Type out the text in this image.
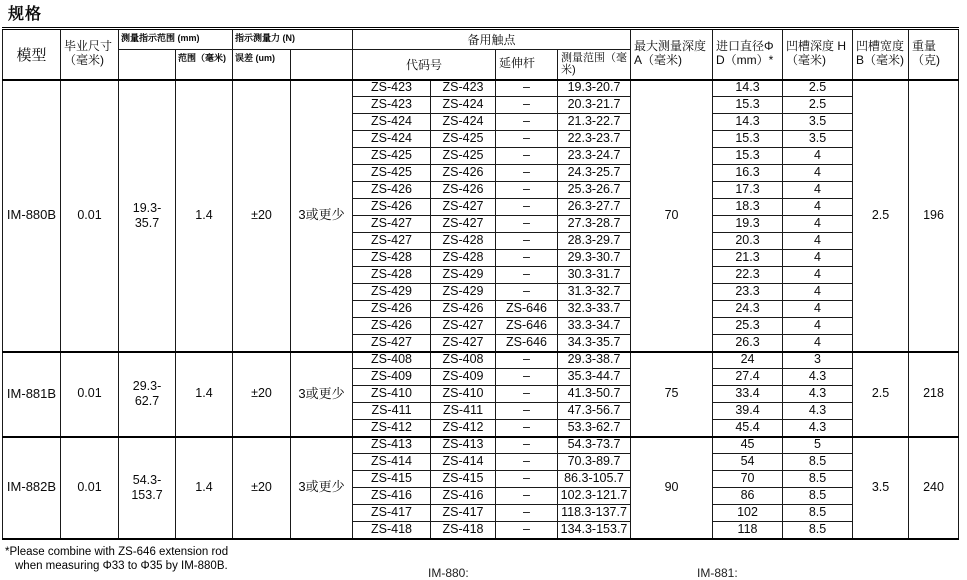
规格
模型	毕业尺寸（毫米)	测量指示范围 (mm)		指示测量力 (N)		备用触点				最大测量深度 A（毫米)	进口直径Φ D（mm）*	凹槽深度 H（毫米)	凹槽宽度 B（毫米)	重量（克)
			范围（毫米)	误差 (um)		代码号		延伸杆	测量范围（毫米)					
IM-880B	0.01	19.3-35.7	1.4	±20	3或更少	ZS-423	ZS-423	–	19.3-20.7	70	14.3	2.5	2.5	196
						ZS-423	ZS-424	–	20.3-21.7		15.3	2.5		
						ZS-424	ZS-424	–	21.3-22.7		14.3	3.5		
						ZS-424	ZS-425	–	22.3-23.7		15.3	3.5		
						ZS-425	ZS-425	–	23.3-24.7		15.3	4		
						ZS-425	ZS-426	–	24.3-25.7		16.3	4		
						ZS-426	ZS-426	–	25.3-26.7		17.3	4		
						ZS-426	ZS-427	–	26.3-27.7		18.3	4		
						ZS-427	ZS-427	–	27.3-28.7		19.3	4		
						ZS-427	ZS-428	–	28.3-29.7		20.3	4		
						ZS-428	ZS-428	–	29.3-30.7		21.3	4		
						ZS-428	ZS-429	–	30.3-31.7		22.3	4		
						ZS-429	ZS-429	–	31.3-32.7		23.3	4		
						ZS-426	ZS-426	ZS-646	32.3-33.7		24.3	4		
						ZS-426	ZS-427	ZS-646	33.3-34.7		25.3	4		
						ZS-427	ZS-427	ZS-646	34.3-35.7		26.3	4		
IM-881B	0.01	29.3-62.7	1.4	±20	3或更少	ZS-408	ZS-408	–	29.3-38.7	75	24	3	2.5	218
						ZS-409	ZS-409	–	35.3-44.7		27.4	4.3		
						ZS-410	ZS-410	–	41.3-50.7		33.4	4.3		
						ZS-411	ZS-411	–	47.3-56.7		39.4	4.3		
						ZS-412	ZS-412	–	53.3-62.7		45.4	4.3		
IM-882B	0.01	54.3-153.7	1.4	±20	3或更少	ZS-413	ZS-413	–	54.3-73.7	90	45	5	3.5	240
						ZS-414	ZS-414	–	70.3-89.7		54	8.5		
						ZS-415	ZS-415	–	86.3-105.7		70	8.5		
						ZS-416	ZS-416	–	102.3-121.7		86	8.5		
						ZS-417	ZS-417	–	118.3-137.7		102	8.5		
						ZS-418	ZS-418	–	134.3-153.7		118	8.5		
*Please combine with ZS-646 extension rod
when measuring Φ33 to Φ35 by IM-880B.	IM-880:	IM-881:
